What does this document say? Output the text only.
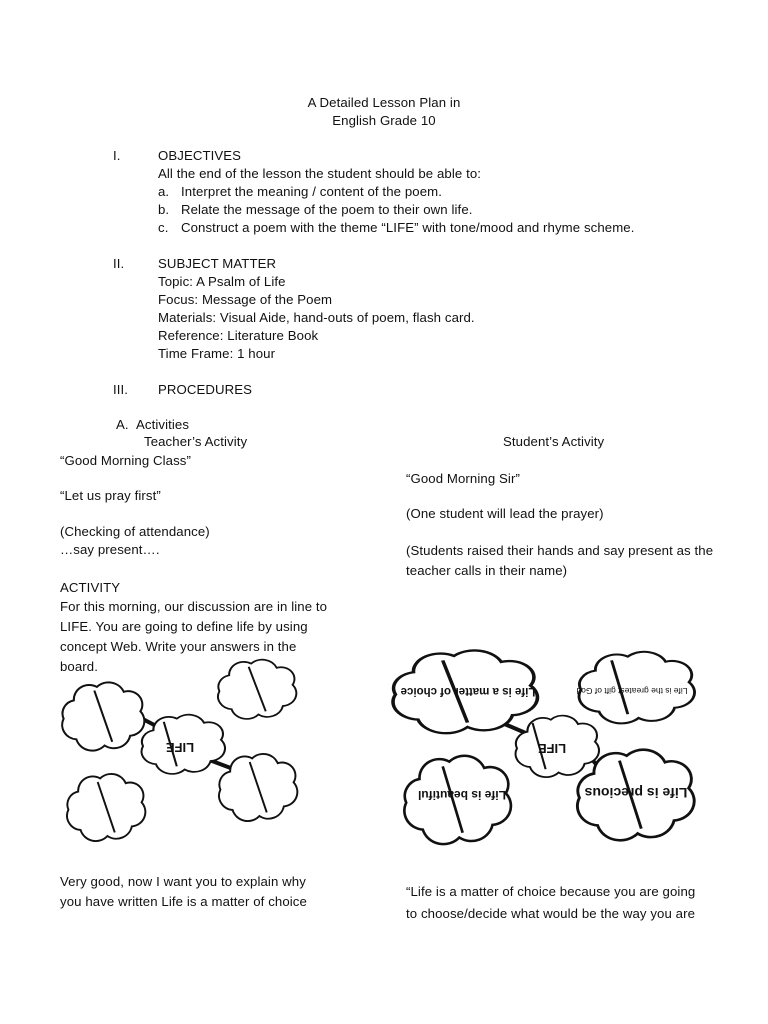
A Detailed Lesson Plan in
English Grade 10
I.	OBJECTIVES
All the end of the lesson the student should be able to:
a. Interpret the meaning / content of the poem.
b. Relate the message of the poem to their own life.
c. Construct a poem with the theme “LIFE” with tone/mood and rhyme scheme.
II.	SUBJECT MATTER
Topic: A Psalm of Life
Focus: Message of the Poem
Materials: Visual Aide, hand-outs of poem, flash card.
Reference: Literature Book
Time Frame: 1 hour
III. PROCEDURES
A. Activities
Teacher’s Activity	Student’s Activity
“Good Morning Class”
“Let us pray first”
(Checking of attendance)
…say present….
ACTIVITY
For this morning, our discussion are in line to
LIFE. You are going to define life by using
concept Web. Write your answers in the
board.
“Good Morning Sir”
(One student will lead the prayer)
(Students raised their hands and say present as the
teacher calls in their name)
LIFE	LIFE
Life is a matter of choice	Life is the greatest gift of God
Life is beautiful	Life is precious
Very good, now I want you to explain why
you have written Life is a matter of choice
“Life is a matter of choice because you are going
to choose/decide what would be the way you are
